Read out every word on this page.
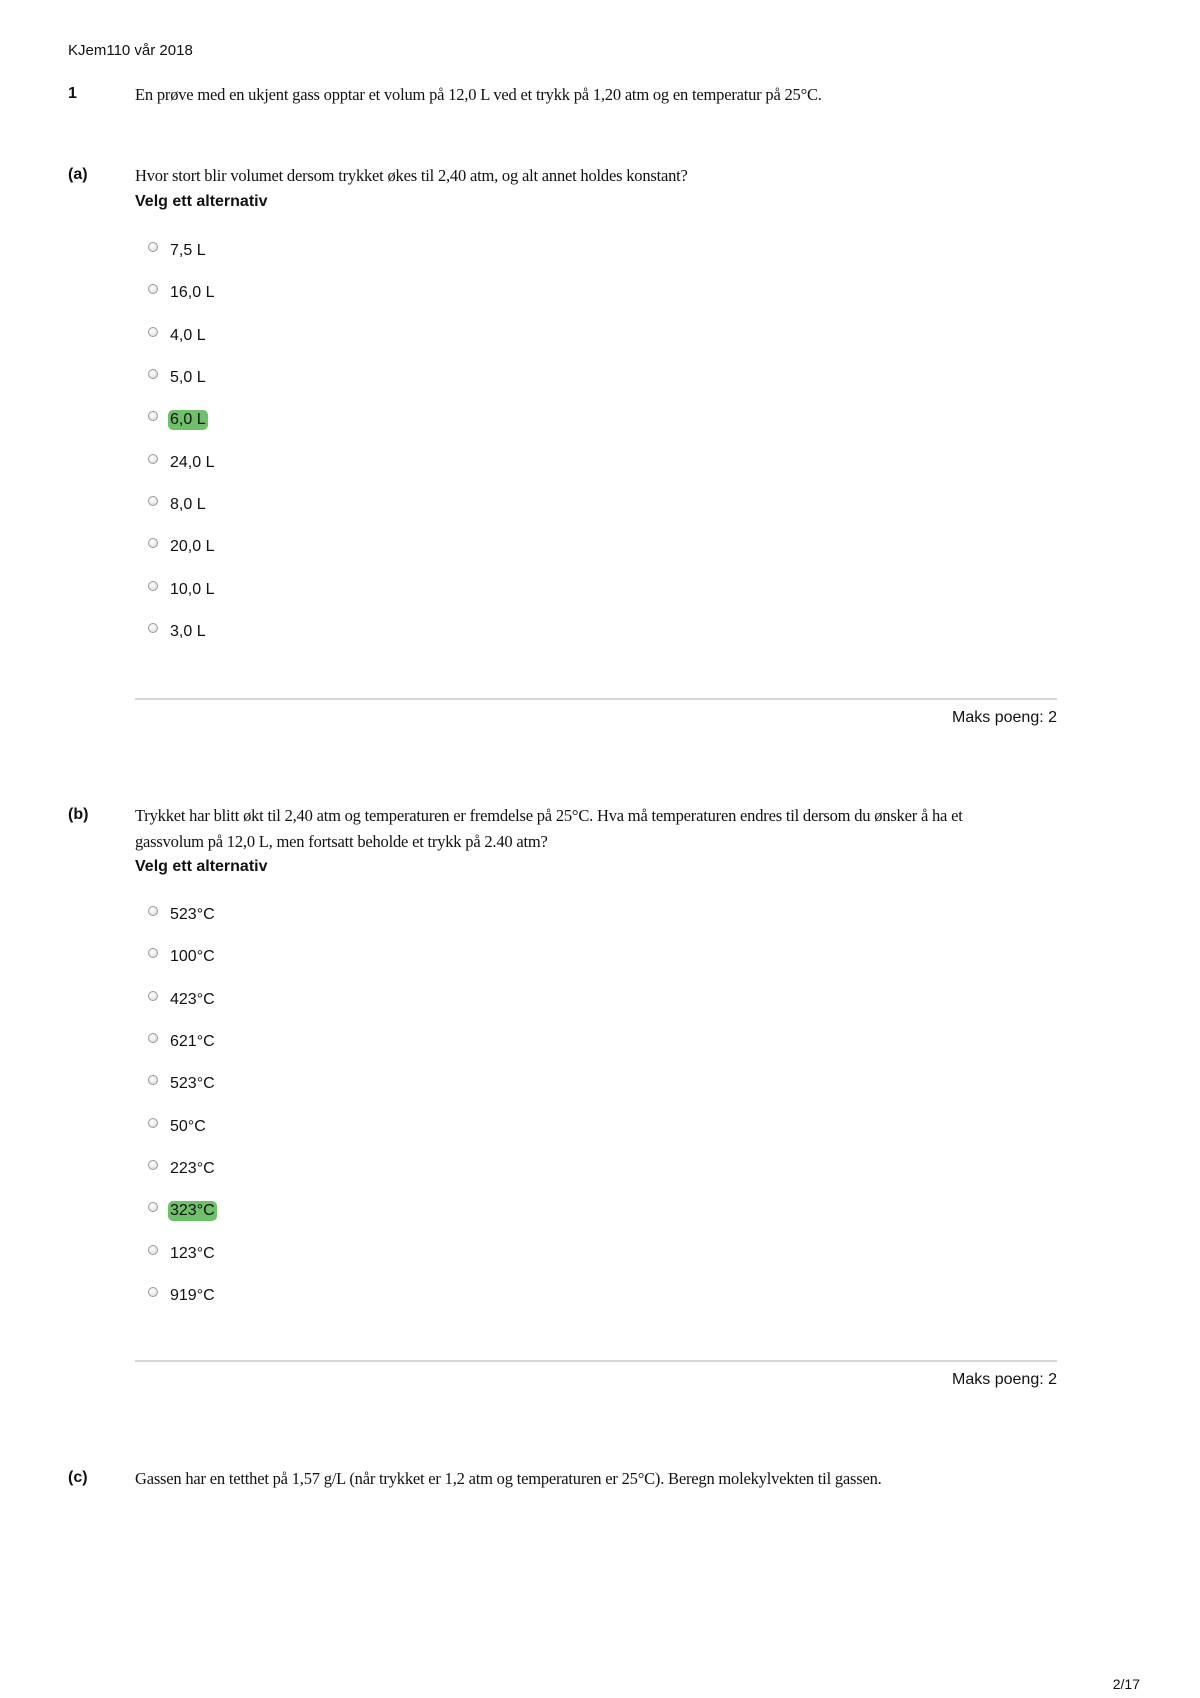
KJem110 vår 2018
1	En prøve med en ukjent gass opptar et volum på 12,0 L ved et trykk på 1,20 atm og en temperatur på 25°C.
(a)	Hvor stort blir volumet dersom trykket økes til 2,40 atm, og alt annet holdes konstant?
Velg ett alternativ
7,5 L
16,0 L
4,0 L
5,0 L
6,0 L
24,0 L
8,0 L
20,0 L
10,0 L
3,0 L
Maks poeng: 2
(b)	Trykket har blitt økt til 2,40 atm og temperaturen er fremdelse på 25°C. Hva må temperaturen endres til dersom du ønsker å ha et gassvolum på 12,0 L, men fortsatt beholde et trykk på 2.40 atm?
Velg ett alternativ
523°C
100°C
423°C
621°C
523°C
50°C
223°C
323°C
123°C
919°C
Maks poeng: 2
(c)	Gassen har en tetthet på 1,57 g/L (når trykket er 1,2 atm og temperaturen er 25°C). Beregn molekylvekten til gassen.
2/17
